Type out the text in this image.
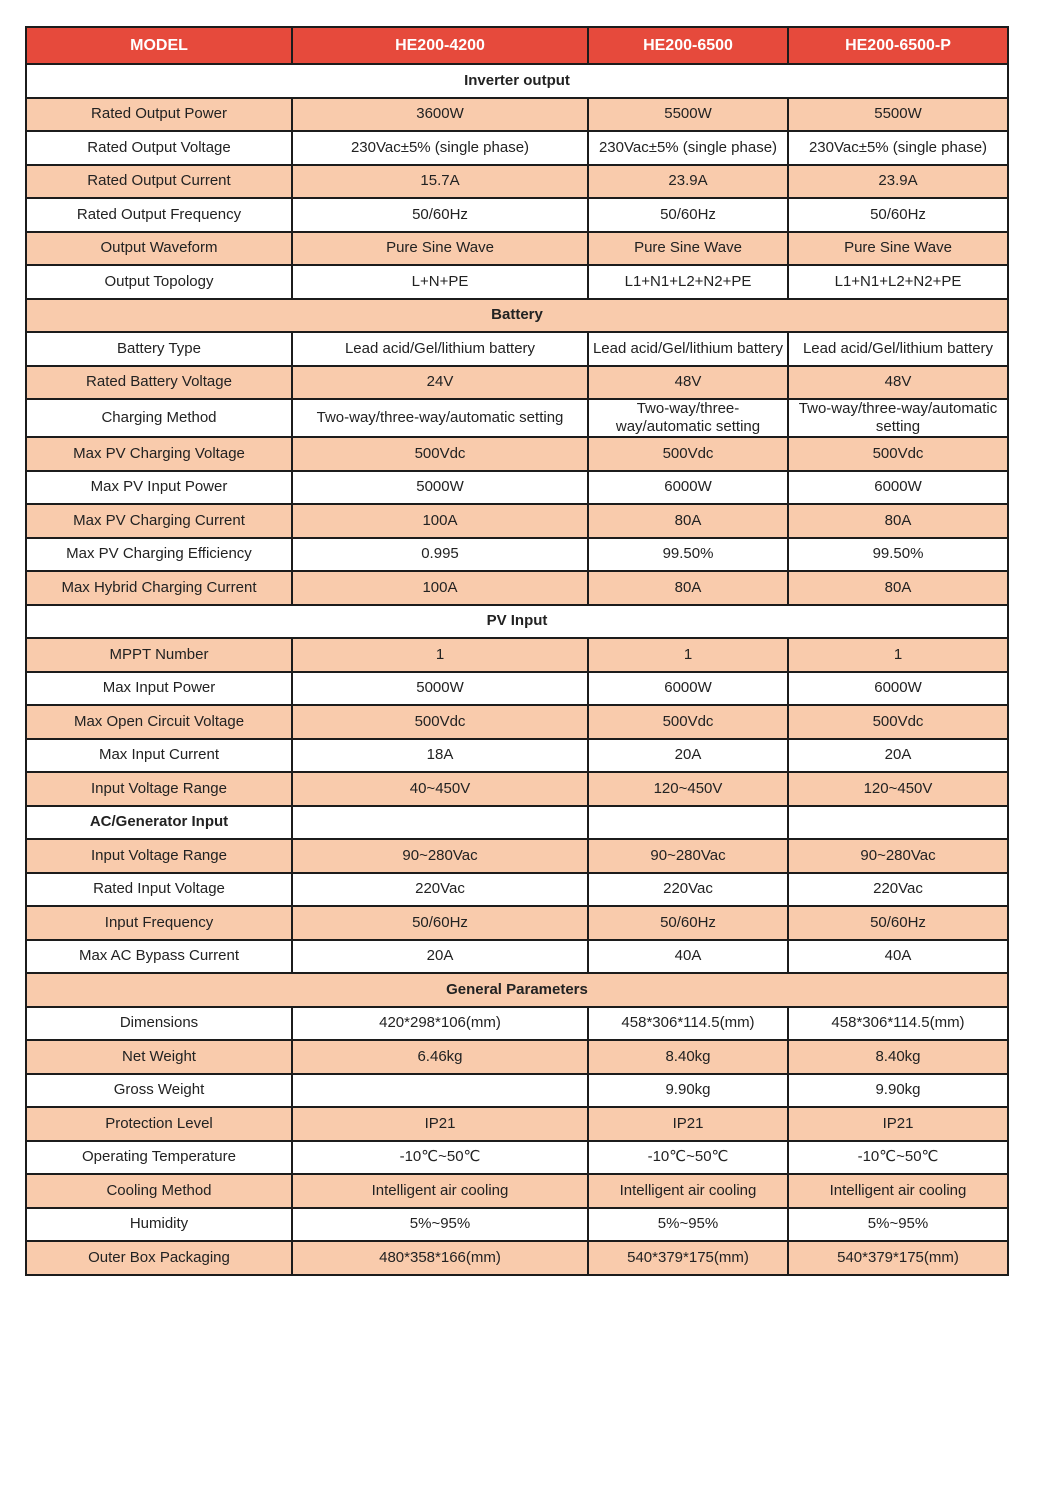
MODEL	HE200-4200	HE200-6500	HE200-6500-P
Inverter output			
Rated Output Power	3600W	5500W	5500W
Rated Output Voltage	230Vac±5% (single phase)	230Vac±5% (single phase)	230Vac±5% (single phase)
Rated Output Current	15.7A	23.9A	23.9A
Rated Output Frequency	50/60Hz	50/60Hz	50/60Hz
Output Waveform	Pure Sine Wave	Pure Sine Wave	Pure Sine Wave
Output Topology	L+N+PE	L1+N1+L2+N2+PE	L1+N1+L2+N2+PE
Battery			
Battery Type	Lead acid/Gel/lithium battery	Lead acid/Gel/lithium battery	Lead acid/Gel/lithium battery
Rated Battery Voltage	24V	48V	48V
Charging Method	Two-way/three-way/automatic setting	Two-way/three-way/automatic setting	Two-way/three-way/automatic setting
Max PV Charging Voltage	500Vdc	500Vdc	500Vdc
Max PV Input Power	5000W	6000W	6000W
Max PV Charging Current	100A	80A	80A
Max PV Charging Efficiency	0.995	99.50%	99.50%
Max Hybrid Charging Current	100A	80A	80A
PV Input			
MPPT Number	1	1	1
Max Input Power	5000W	6000W	6000W
Max Open Circuit Voltage	500Vdc	500Vdc	500Vdc
Max Input Current	18A	20A	20A
Input Voltage Range	40~450V	120~450V	120~450V
AC/Generator Input			
Input Voltage Range	90~280Vac	90~280Vac	90~280Vac
Rated Input Voltage	220Vac	220Vac	220Vac
Input Frequency	50/60Hz	50/60Hz	50/60Hz
Max AC Bypass Current	20A	40A	40A
General Parameters			
Dimensions	420*298*106(mm)	458*306*114.5(mm)	458*306*114.5(mm)
Net Weight	6.46kg	8.40kg	8.40kg
Gross Weight		9.90kg	9.90kg
Protection Level	IP21	IP21	IP21
Operating Temperature	-10℃~50℃	-10℃~50℃	-10℃~50℃
Cooling Method	Intelligent air cooling	Intelligent air cooling	Intelligent air cooling
Humidity	5%~95%	5%~95%	5%~95%
Outer Box Packaging	480*358*166(mm)	540*379*175(mm)	540*379*175(mm)
